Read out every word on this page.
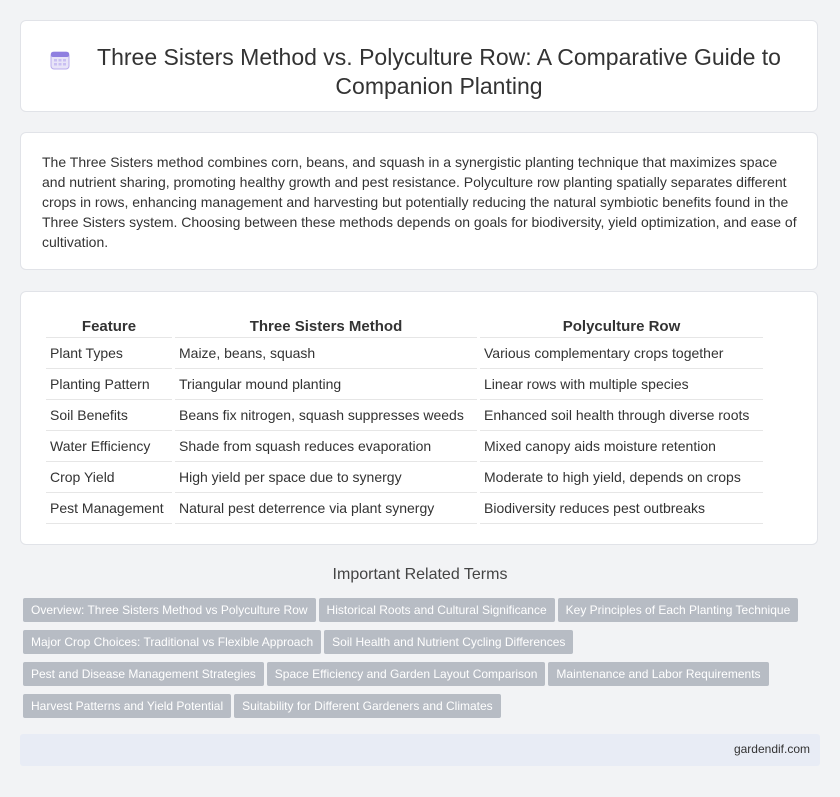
Three Sisters Method vs. Polyculture Row: A Comparative Guide to Companion Planting

The Three Sisters method combines corn, beans, and squash in a synergistic planting technique that maximizes space and nutrient sharing, promoting healthy growth and pest resistance. Polyculture row planting spatially separates different crops in rows, enhancing management and harvesting but potentially reducing the natural symbiotic benefits found in the Three Sisters system. Choosing between these methods depends on goals for biodiversity, yield optimization, and ease of cultivation.

Feature	Three Sisters Method	Polyculture Row
Plant Types	Maize, beans, squash	Various complementary crops together
Planting Pattern	Triangular mound planting	Linear rows with multiple species
Soil Benefits	Beans fix nitrogen, squash suppresses weeds	Enhanced soil health through diverse roots
Water Efficiency	Shade from squash reduces evaporation	Mixed canopy aids moisture retention
Crop Yield	High yield per space due to synergy	Moderate to high yield, depends on crops
Pest Management	Natural pest deterrence via plant synergy	Biodiversity reduces pest outbreaks
Important Related Terms
Overview: Three Sisters Method vs Polyculture Row Historical Roots and Cultural Significance Key Principles of Each Planting TechniqueMajor Crop Choices: Traditional vs Flexible Approach Soil Health and Nutrient Cycling DifferencesPest and Disease Management Strategies Space Efficiency and Garden Layout Comparison Maintenance and Labor RequirementsHarvest Patterns and Yield Potential Suitability for Different Gardeners and Climates
gardendif.com
